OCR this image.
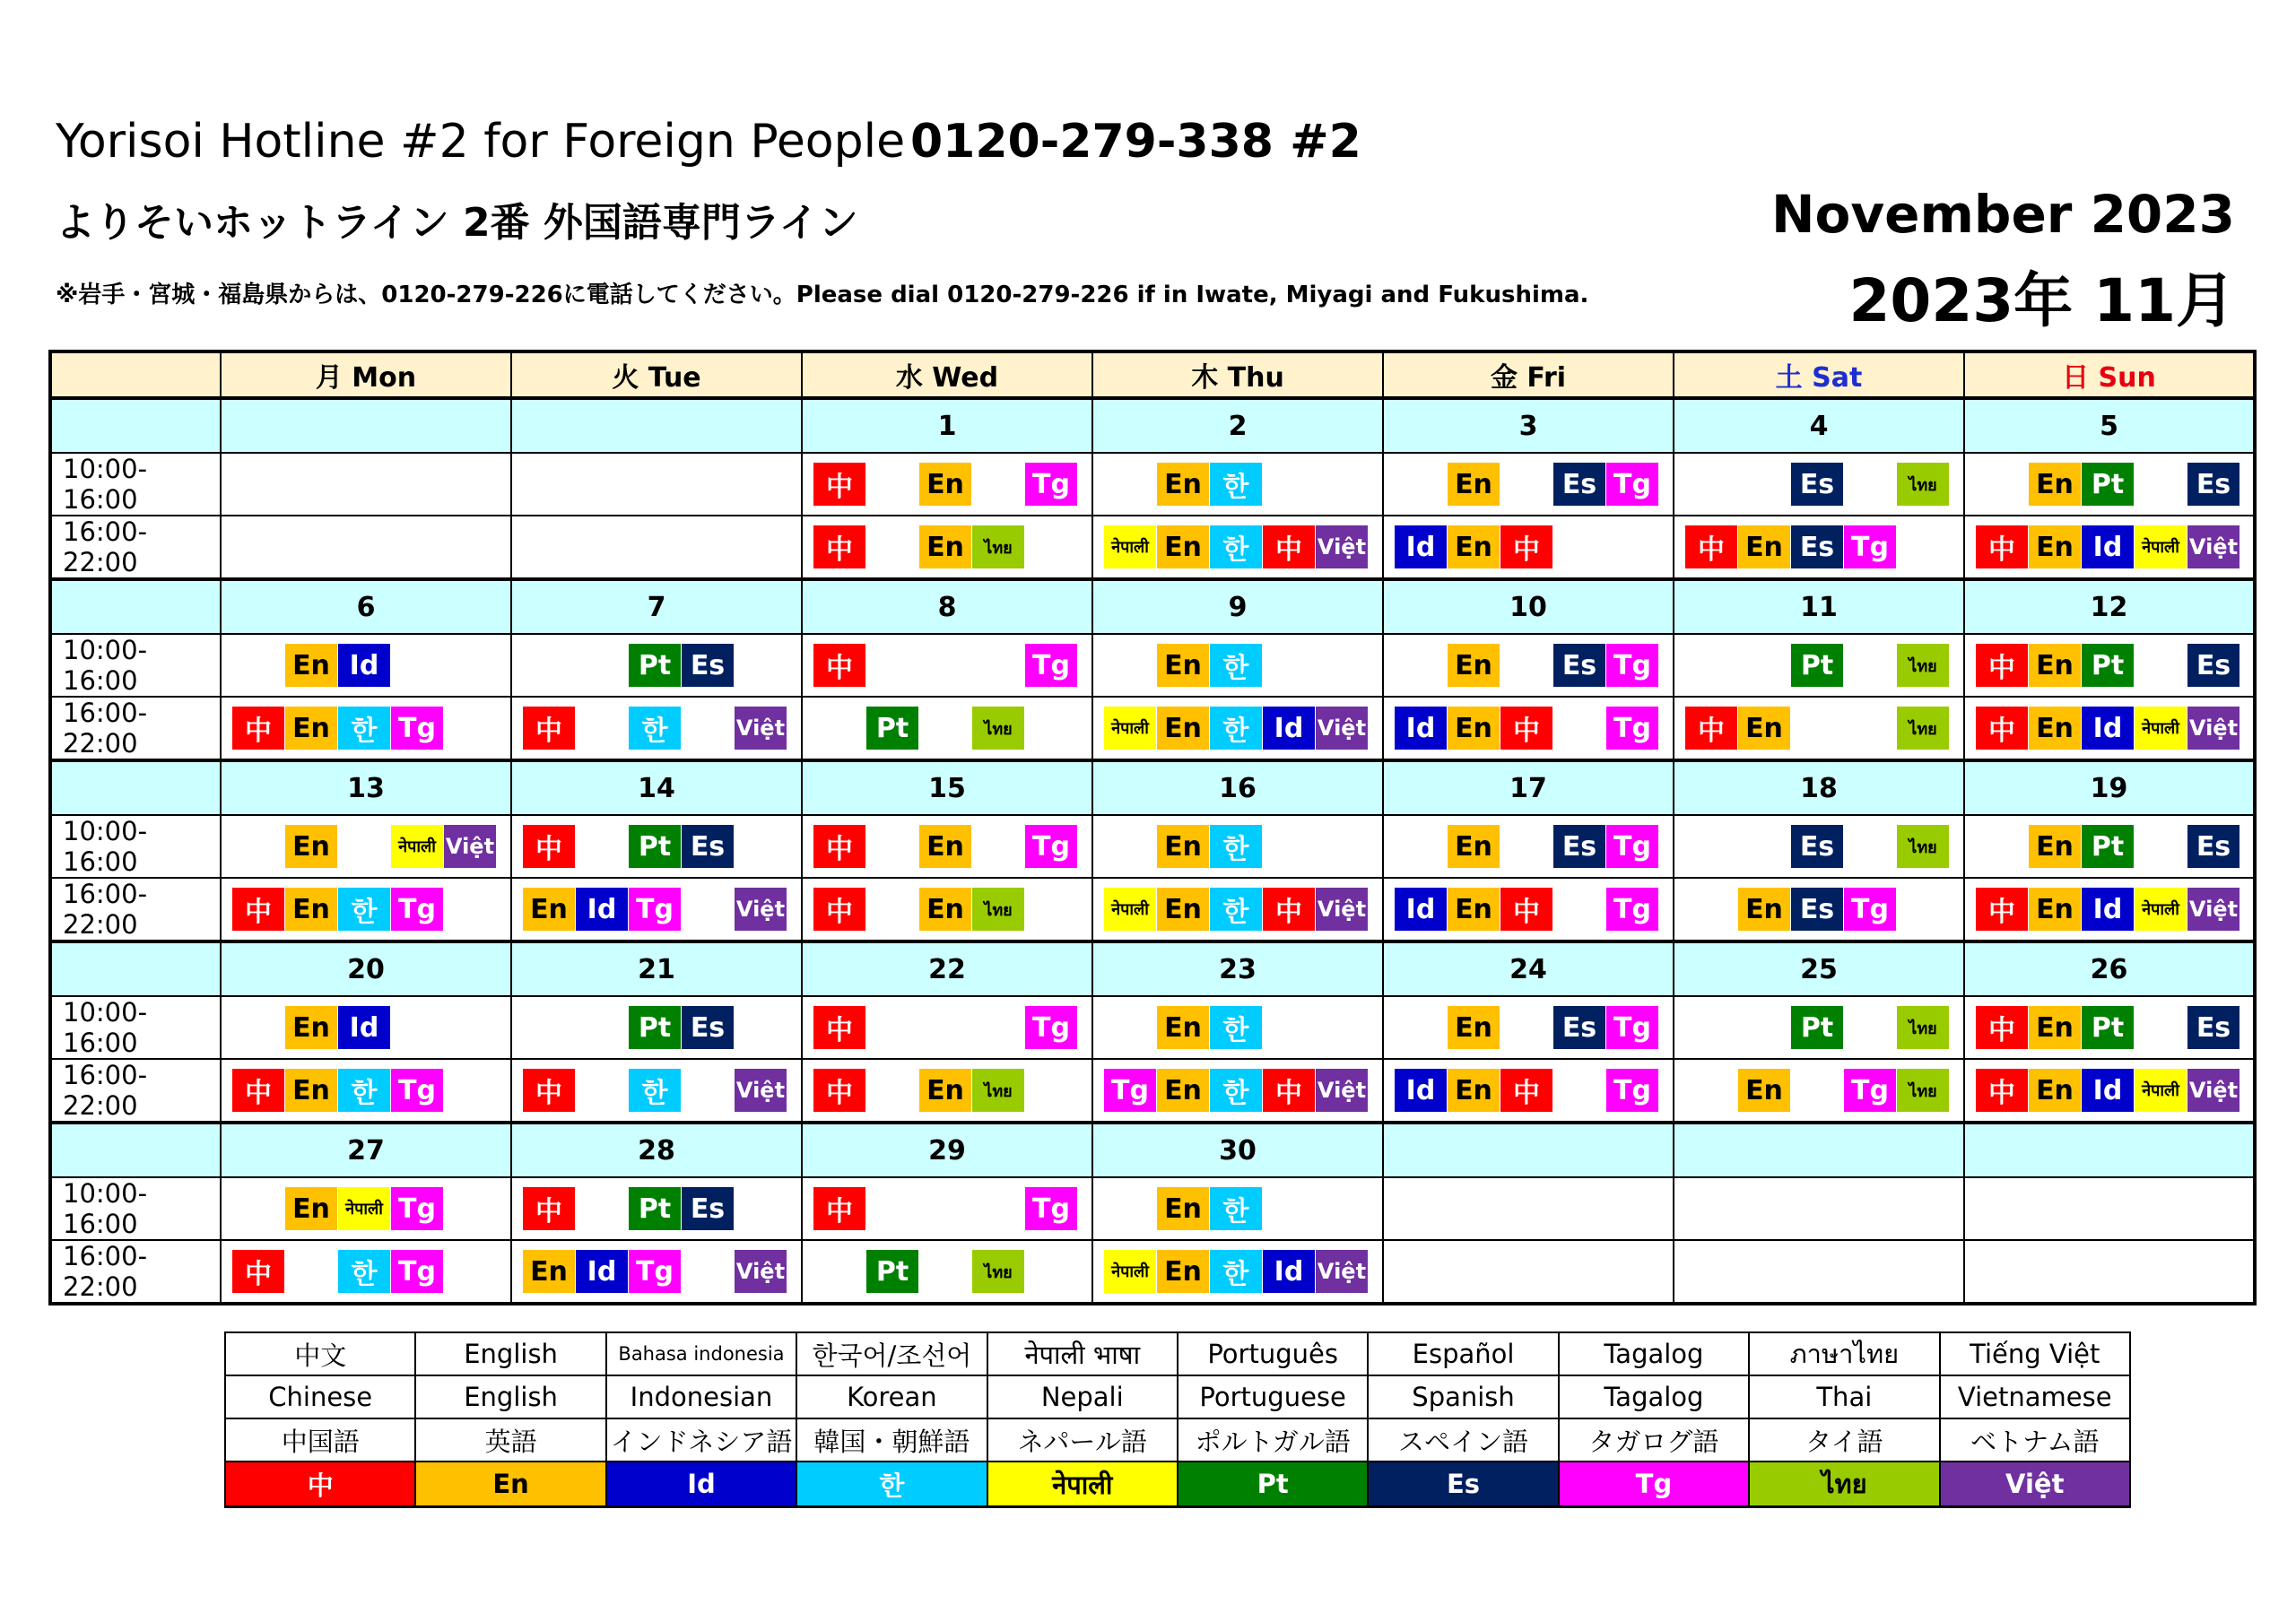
Yorisoi Hotline #2 for Foreign People 0120-279-338 #2
よりそいホットライン 2番 外国語専門ライン
※岩手・宮城・福島県からは、0120-279-226に電話してください。Please dial 0120-279-226 if in Iwate, Miyagi and Fukushima.
November 2023
2023年 11月
	月 Mon	火 Tue	水 Wed	木 Thu	金 Fri	土 Sat	日 Sun
			1	2	3	4	5
10:00-16:00			中 En Tg	En 한	En Es Tg	Es ไทย	En Pt Es

16:00-22:00			中 En ไทย	नेपाली En 한 中 Việt	Id En 中	中 En Es Tg	中 En Id नेपाली Việt

	6	7	8	9	10	11	12
10:00-16:00	En Id	Pt Es	中 Tg	En 한	En Es Tg	Pt ไทย	中 En Pt Es

16:00-22:00	中 En 한 Tg	中 한 Việt	Pt ไทย	नेपाली En 한 Id Việt	Id En 中 Tg	中 En ไทย	中 En Id नेपाली Việt

	13	14	15	16	17	18	19
10:00-16:00	En नेपाली Việt	中 Pt Es	中 En Tg	En 한	En Es Tg	Es ไทย	En Pt Es

16:00-22:00	中 En 한 Tg	En Id Tg Việt	中 En ไทย	नेपाली En 한 中 Việt	Id En 中 Tg	En Es Tg	中 En Id नेपाली Việt

	20	21	22	23	24	25	26
10:00-16:00	En Id	Pt Es	中 Tg	En 한	En Es Tg	Pt ไทย	中 En Pt Es

16:00-22:00	中 En 한 Tg	中 한 Việt	中 En ไทย	Tg En 한 中 Việt	Id En 中 Tg	En Tg ไทย	中 En Id नेपाली Việt

	27	28	29	30			
10:00-16:00	En नेपाली Tg	中 Pt Es	中 Tg	En 한			

16:00-22:00	中 한 Tg	En Id Tg Việt	Pt ไทย	नेपाली En 한 Id Việt			

中文	English	Bahasa indonesia	한국어/조선어	नेपाली भाषा	Português	Español	Tagalog	ภาษาไทย	Tiếng Việt
Chinese	English	Indonesian	Korean	Nepali	Portuguese	Spanish	Tagalog	Thai	Vietnamese
中国語	英語	インドネシア語	韓国・朝鮮語	ネパール語	ポルトガル語	スペイン語	タガログ語	タイ語	ベトナム語
中	En	Id	한	नेपाली	Pt	Es	Tg	ไทย	Việt
